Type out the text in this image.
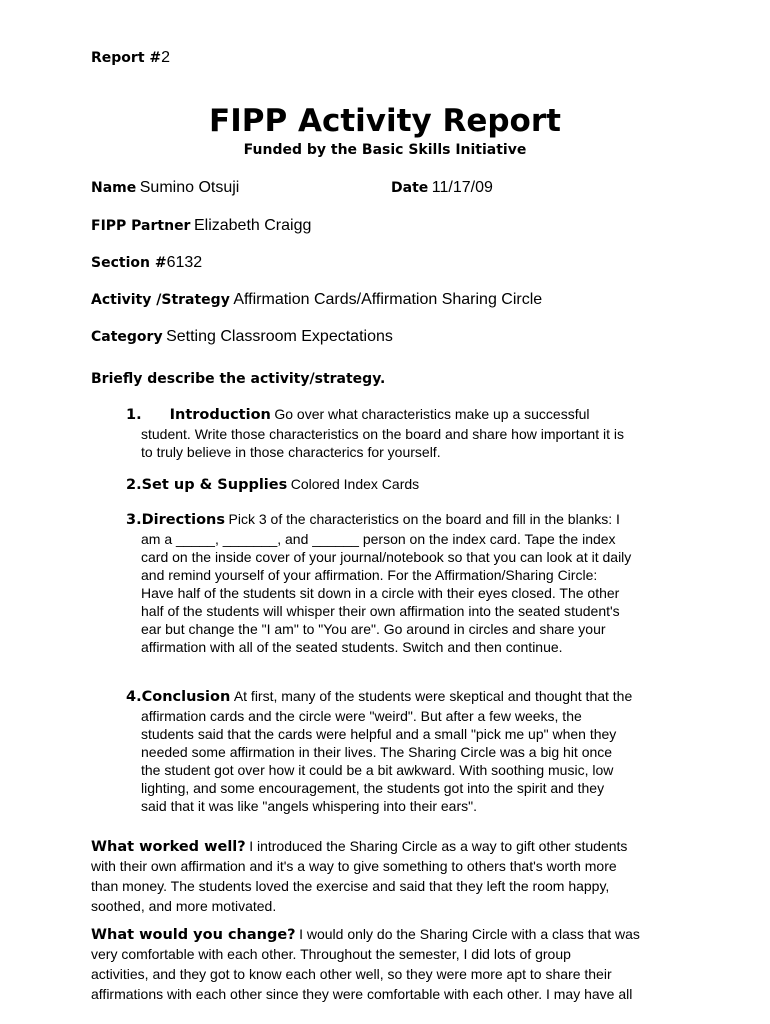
Report #2
FIPP Activity Report
Funded by the Basic Skills Initiative
Name Sumino Otsuji	Date 11/17/09
FIPP Partner Elizabeth Craigg
Section #6132
Activity /Strategy Affirmation Cards/Affirmation Sharing Circle
Category Setting Classroom Expectations
Briefly describe the activity/strategy.
1. Introduction Go over what characteristics make up a successful
student. Write those characteristics on the board and share how important it is
to truly believe in those characterics for yourself.
2.Set up & Supplies Colored Index Cards
3.Directions Pick 3 of the characteristics on the board and fill in the blanks: I
am a _____, _______, and ______ person on the index card. Tape the index
card on the inside cover of your journal/notebook so that you can look at it daily
and remind yourself of your affirmation. For the Affirmation/Sharing Circle:
Have half of the students sit down in a circle with their eyes closed. The other
half of the students will whisper their own affirmation into the seated student's
ear but change the "I am" to "You are". Go around in circles and share your
affirmation with all of the seated students. Switch and then continue.
4.Conclusion At first, many of the students were skeptical and thought that the
affirmation cards and the circle were "weird". But after a few weeks, the
students said that the cards were helpful and a small "pick me up" when they
needed some affirmation in their lives. The Sharing Circle was a big hit once
the student got over how it could be a bit awkward. With soothing music, low
lighting, and some encouragement, the students got into the spirit and they
said that it was like "angels whispering into their ears".
What worked well? I introduced the Sharing Circle as a way to gift other students
with their own affirmation and it's a way to give something to others that's worth more
than money. The students loved the exercise and said that they left the room happy,
soothed, and more motivated.
What would you change? I would only do the Sharing Circle with a class that was
very comfortable with each other. Throughout the semester, I did lots of group
activities, and they got to know each other well, so they were more apt to share their
affirmations with each other since they were comfortable with each other. I may have all
